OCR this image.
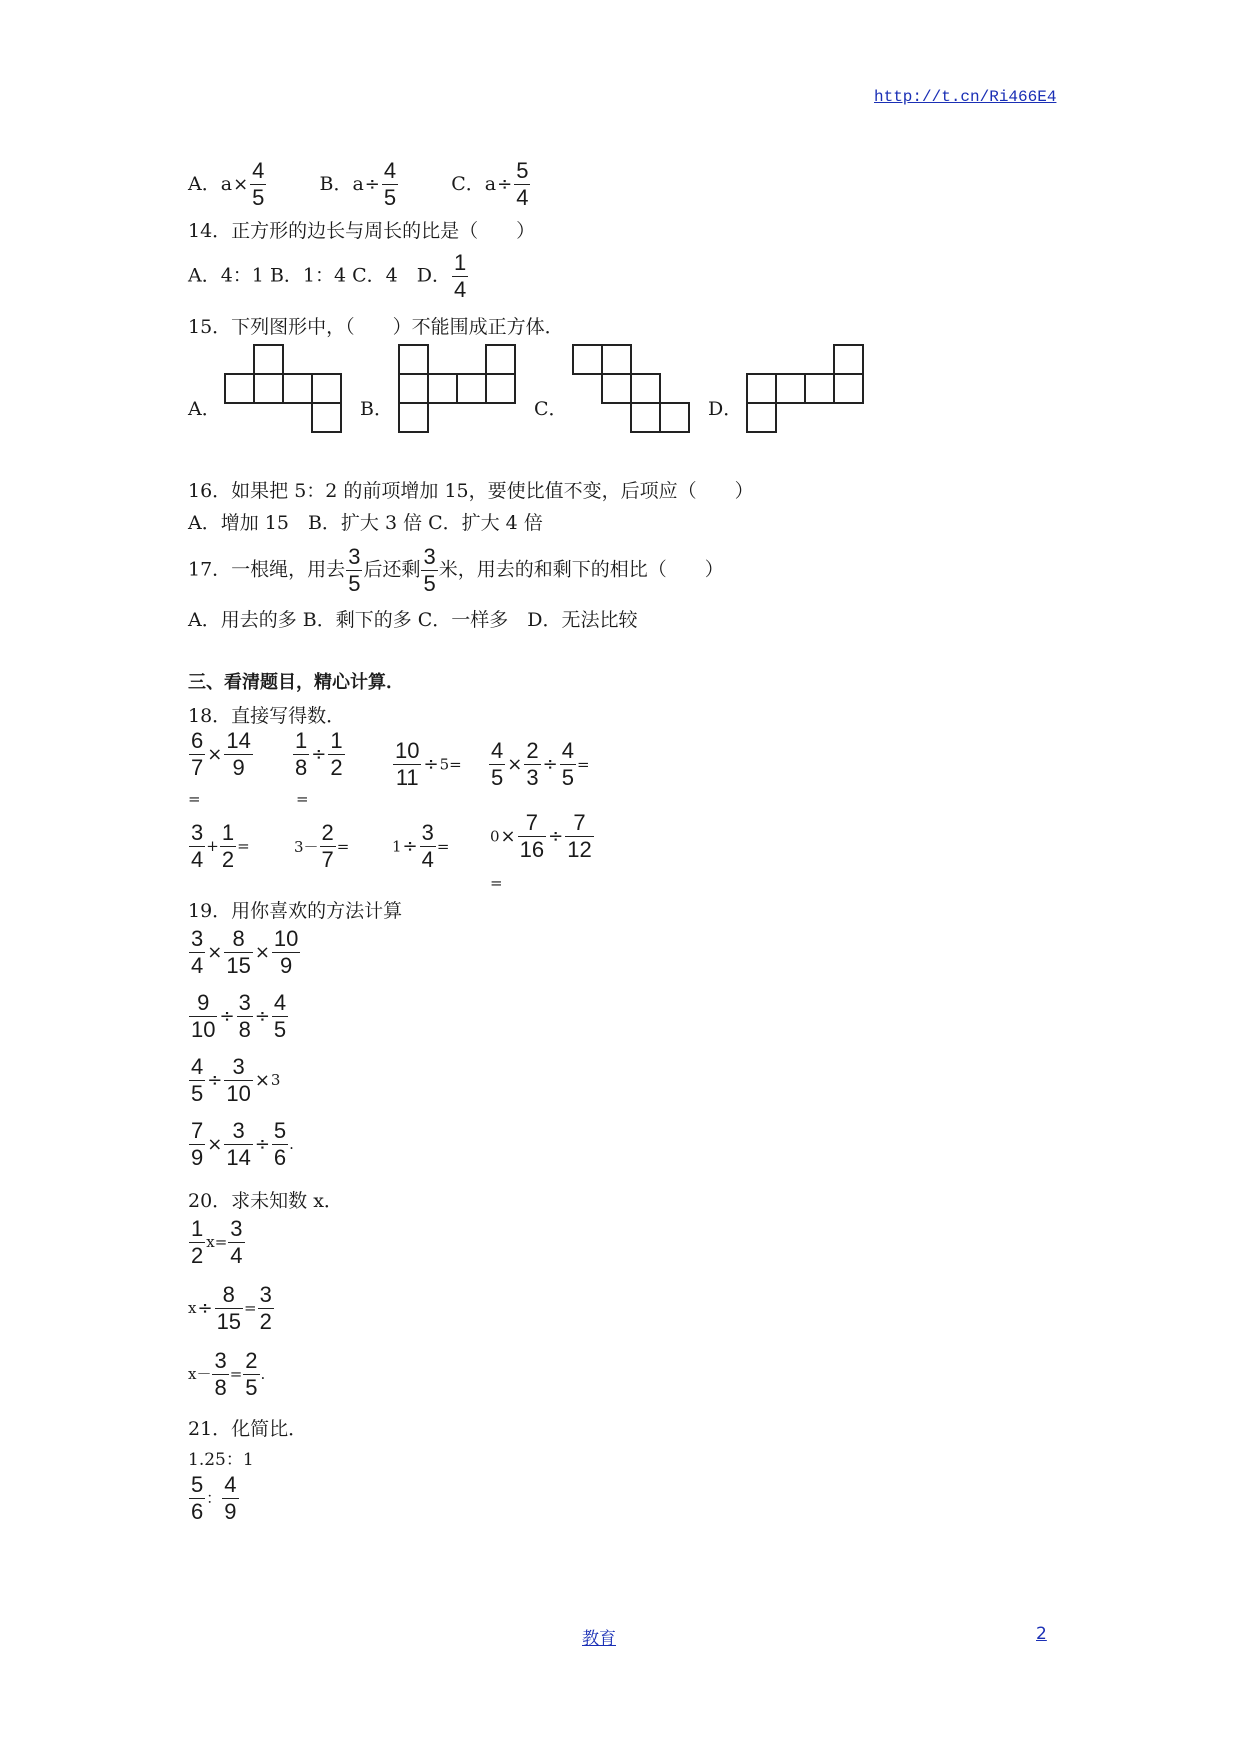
http://t.cn/Ri466E4
A．$a\times \frac{4}{5}$	B．$a\div \frac{4}{5}$	C．$a\div \frac{5}{4}$
14．正方形的边长与周长的比是（　　）
A．4：1 B．1：4 C．4　D． $\frac{1}{4}$
15．下列图形中，（　　）不能围成正方体．
A．	B．	C．	D．
16．如果把 5：2 的前项增加 15，要使比值不变，后项应（　　）
A．增加 15　B．扩大 3 倍 C．扩大 4 倍
17．一根绳，用去 $\frac{3}{5}$ 后还剩 $\frac{3}{5}$ 米，用去的和剩下的相比（　　）
A．用去的多 B．剩下的多 C．一样多　D．无法比较
三、看清题目，精心计算．
18．直接写得数．
$\frac{6}{7} \times \frac{14}{9}$
=
$\frac{1}{8} \div \frac{1}{2}$
=
$\frac{10}{11} \div 5= \frac{4}{5} \times \frac{2}{3} \div \frac{4}{5}$ =
$\frac{3}{4} + \frac{1}{2}$ =	$3- \frac{2}{7}$ =	$1\div \frac{3}{4}$ =
$0\times \frac{7}{16} \div \frac{7}{12}$
=
19．用你喜欢的方法计算
$\frac{3}{4} \times \frac{8}{15} \times \frac{10}{9}$
$\frac{9}{10} \div \frac{3}{8} \div \frac{4}{5}$
$\frac{4}{5} \div \frac{3}{10} \times 3$
$\frac{7}{9} \times \frac{3}{14} \div \frac{5}{6}$ .
20．求未知数 x．
$\frac{1}{2} x= \frac{3}{4}$
$x\div \frac{8}{15} = \frac{3}{2}$
$x- \frac{3}{8} = \frac{2}{5}$ .
21．化简比．
1.25：1
$\frac{5}{6}$ ： $\frac{4}{9}$
教育	2
